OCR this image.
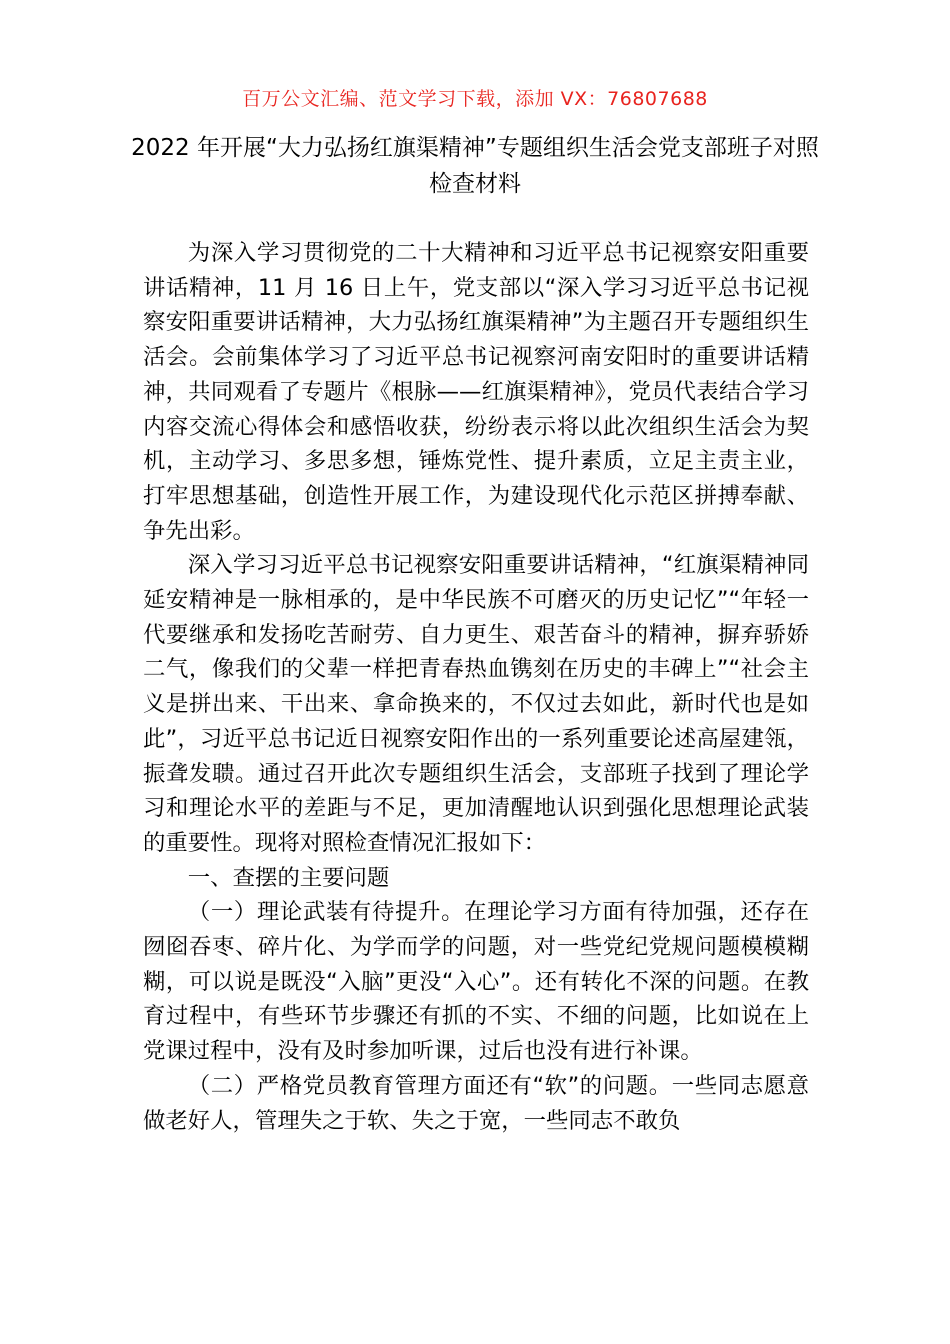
百万公文汇编、范文学习下载，添加 VX：76807688
2022 年开展“大力弘扬红旗渠精神”专题组织生活会党支部班子对照检查材料

为深入学习贯彻党的二十大精神和习近平总书记视察安阳重要讲话精神，11 月 16 日上午，党支部以“深入学习习近平总书记视察安阳重要讲话精神，大力弘扬红旗渠精神”为主题召开专题组织生活会。会前集体学习了习近平总书记视察河南安阳时的重要讲话精神，共同观看了专题片《根脉——红旗渠精神》，党员代表结合学习内容交流心得体会和感悟收获，纷纷表示将以此次组织生活会为契机，主动学习、多思多想，锤炼党性、提升素质，立足主责主业，打牢思想基础，创造性开展工作，为建设现代化示范区拼搏奉献、争先出彩。

深入学习习近平总书记视察安阳重要讲话精神，“红旗渠精神同延安精神是一脉相承的，是中华民族不可磨灭的历史记忆”“年轻一代要继承和发扬吃苦耐劳、自力更生、艰苦奋斗的精神，摒弃骄娇二气，像我们的父辈一样把青春热血镌刻在历史的丰碑上”“社会主义是拼出来、干出来、拿命换来的，不仅过去如此，新时代也是如此”，习近平总书记近日视察安阳作出的一系列重要论述高屋建瓴，振聋发聩。通过召开此次专题组织生活会，支部班子找到了理论学习和理论水平的差距与不足，更加清醒地认识到强化思想理论武装的重要性。现将对照检查情况汇报如下：

一、查摆的主要问题

（一）理论武装有待提升。在理论学习方面有待加强，还存在囫囵吞枣、碎片化、为学而学的问题，对一些党纪党规问题模模糊糊，可以说是既没“入脑”更没“入心”。还有转化不深的问题。在教育过程中，有些环节步骤还有抓的不实、不细的问题，比如说在上党课过程中，没有及时参加听课，过后也没有进行补课。

（二）严格党员教育管理方面还有“软”的问题。一些同志愿意做老好人，管理失之于软、失之于宽，一些同志不敢负
